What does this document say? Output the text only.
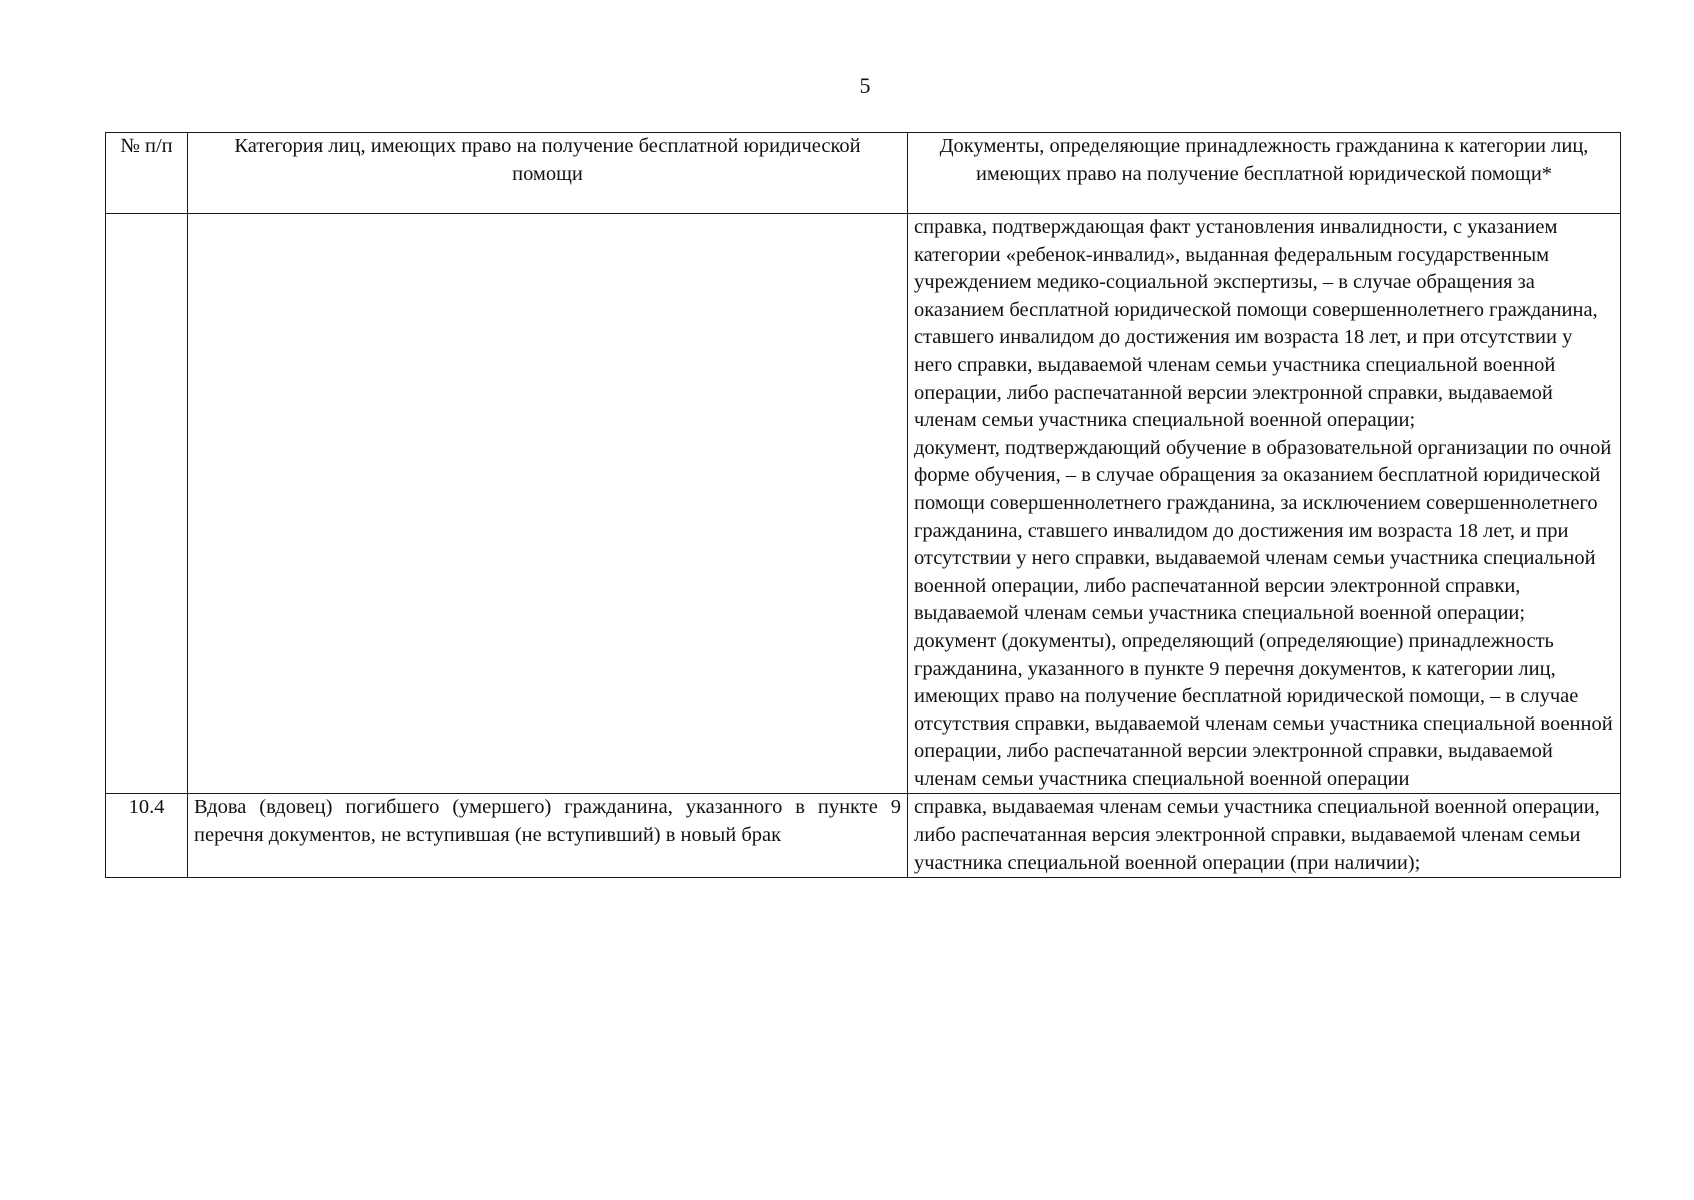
5
№ п/п	Категория лиц, имеющих право на получение бесплатной юридической помощи	Документы, определяющие принадлежность гражданина к категории лиц, имеющих право на получение бесплатной юридической помощи*

		справка, подтверждающая факт установления инвалидности, с указанием категории «ребенок-инвалид», выданная федеральным государственным учреждением медико-социальной экспертизы, – в случае обращения за оказанием бесплатной юридической помощи совершеннолетнего гражданина, ставшего инвалидом до достижения им возраста 18 лет, и при отсутствии у него справки, выдаваемой членам семьи участника специальной военной операции, либо распечатанной версии электронной справки, выдаваемой членам семьи участника специальной военной операции;

документ, подтверждающий обучение в образовательной организации по очной форме обучения, – в случае обращения за оказанием бесплатной юридической помощи совершеннолетнего гражданина, за исключением совершеннолетнего гражданина, ставшего инвалидом до достижения им возраста 18 лет, и при отсутствии у него справки, выдаваемой членам семьи участника специальной военной операции, либо распечатанной версии электронной справки, выдаваемой членам семьи участника специальной военной операции;

документ (документы), определяющий (определяющие) принадлежность гражданина, указанного в пункте 9 перечня документов, к категории лиц, имеющих право на получение бесплатной юридической помощи, – в случае отсутствия справки, выдаваемой членам семьи участника специальной военной операции, либо распечатанной версии электронной справки, выдаваемой членам семьи участника специальной военной операции

10.4	Вдова (вдовец) погибшего (умершего) гражданина, указанного в пункте 9 перечня документов, не вступившая (не вступивший) в новый брак	справка, выдаваемая членам семьи участника специальной военной операции, либо распечатанная версия электронной справки, выдаваемой членам семьи участника специальной военной операции (при наличии);
